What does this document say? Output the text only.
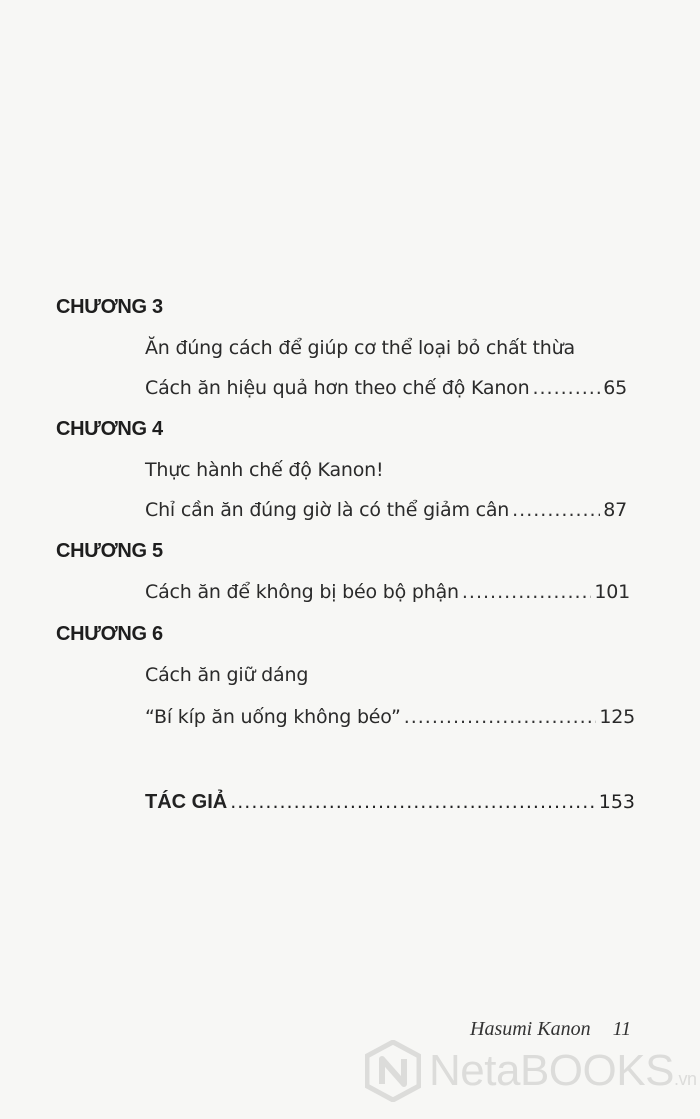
CHƯƠNG 3
Ăn đúng cách để giúp cơ thể loại bỏ chất thừa
Cách ăn hiệu quả hơn theo chế độ Kanon .....	65
CHƯƠNG 4
Thực hành chế độ Kanon!
Chỉ cần ăn đúng giờ là có thể giảm cân .....	87
CHƯƠNG 5
Cách ăn để không bị béo bộ phận .....	101
CHƯƠNG 6
Cách ăn giữ dáng
“Bí kíp ăn uống không béo” .....	125
TÁC GIẢ .....	153
Hasumi Kanon 11
NetaBOOKS.vn
